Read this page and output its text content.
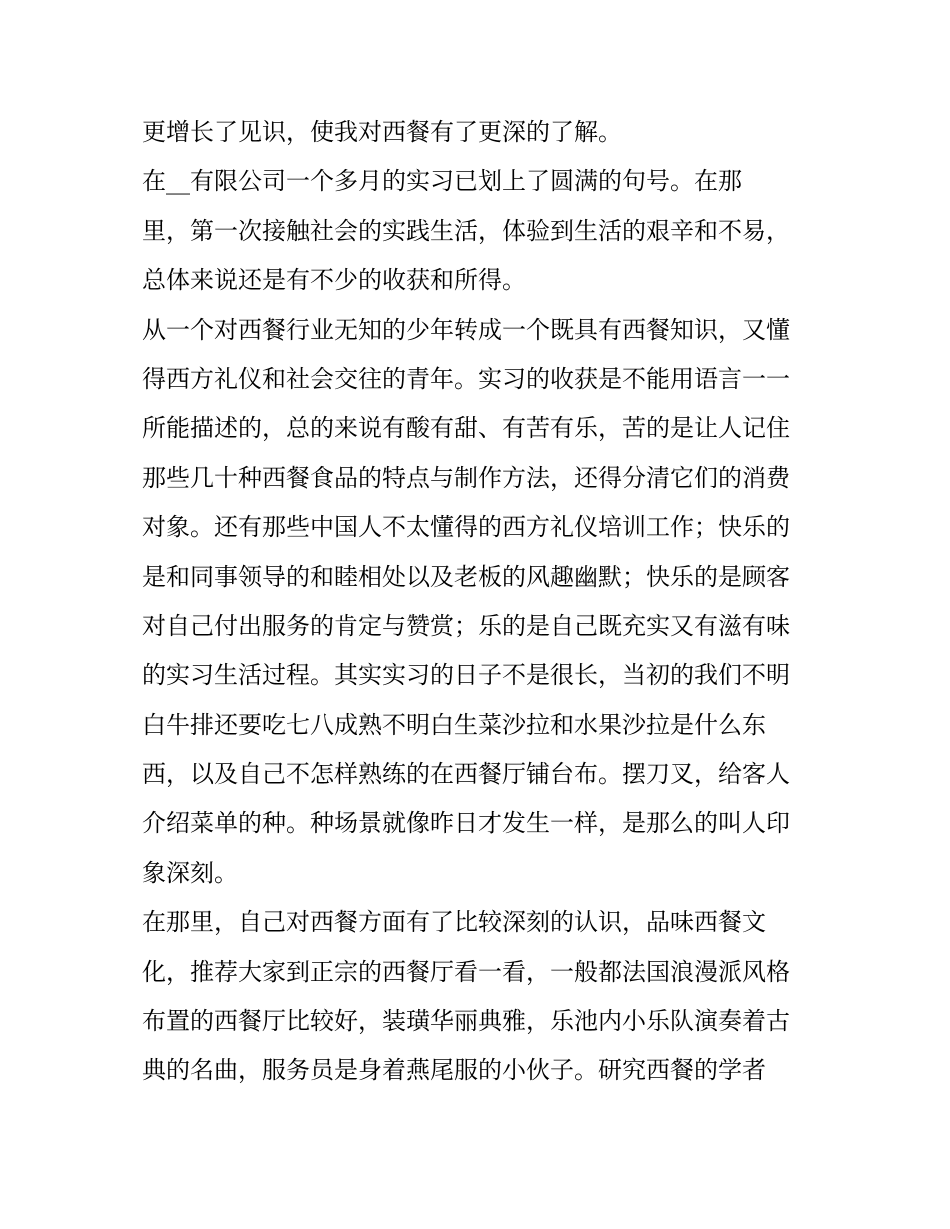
更增长了见识，使我对西餐有了更深的了解。
在__有限公司一个多月的实习已划上了圆满的句号。在那
里，第一次接触社会的实践生活，体验到生活的艰辛和不易，
总体来说还是有不少的收获和所得。
从一个对西餐行业无知的少年转成一个既具有西餐知识，又懂
得西方礼仪和社会交往的青年。实习的收获是不能用语言一一
所能描述的，总的来说有酸有甜、有苦有乐，苦的是让人记住
那些几十种西餐食品的特点与制作方法，还得分清它们的消费
对象。还有那些中国人不太懂得的西方礼仪培训工作；快乐的
是和同事领导的和睦相处以及老板的风趣幽默；快乐的是顾客
对自己付出服务的肯定与赞赏；乐的是自己既充实又有滋有味
的实习生活过程。其实实习的日子不是很长，当初的我们不明
白牛排还要吃七八成熟不明白生菜沙拉和水果沙拉是什么东
西，以及自己不怎样熟练的在西餐厅铺台布。摆刀叉，给客人
介绍菜单的种。种场景就像昨日才发生一样，是那么的叫人印
象深刻。
在那里，自己对西餐方面有了比较深刻的认识，品味西餐文
化，推荐大家到正宗的西餐厅看一看，一般都法国浪漫派风格
布置的西餐厅比较好，装璜华丽典雅，乐池内小乐队演奏着古
典的名曲，服务员是身着燕尾服的小伙子。研究西餐的学者
